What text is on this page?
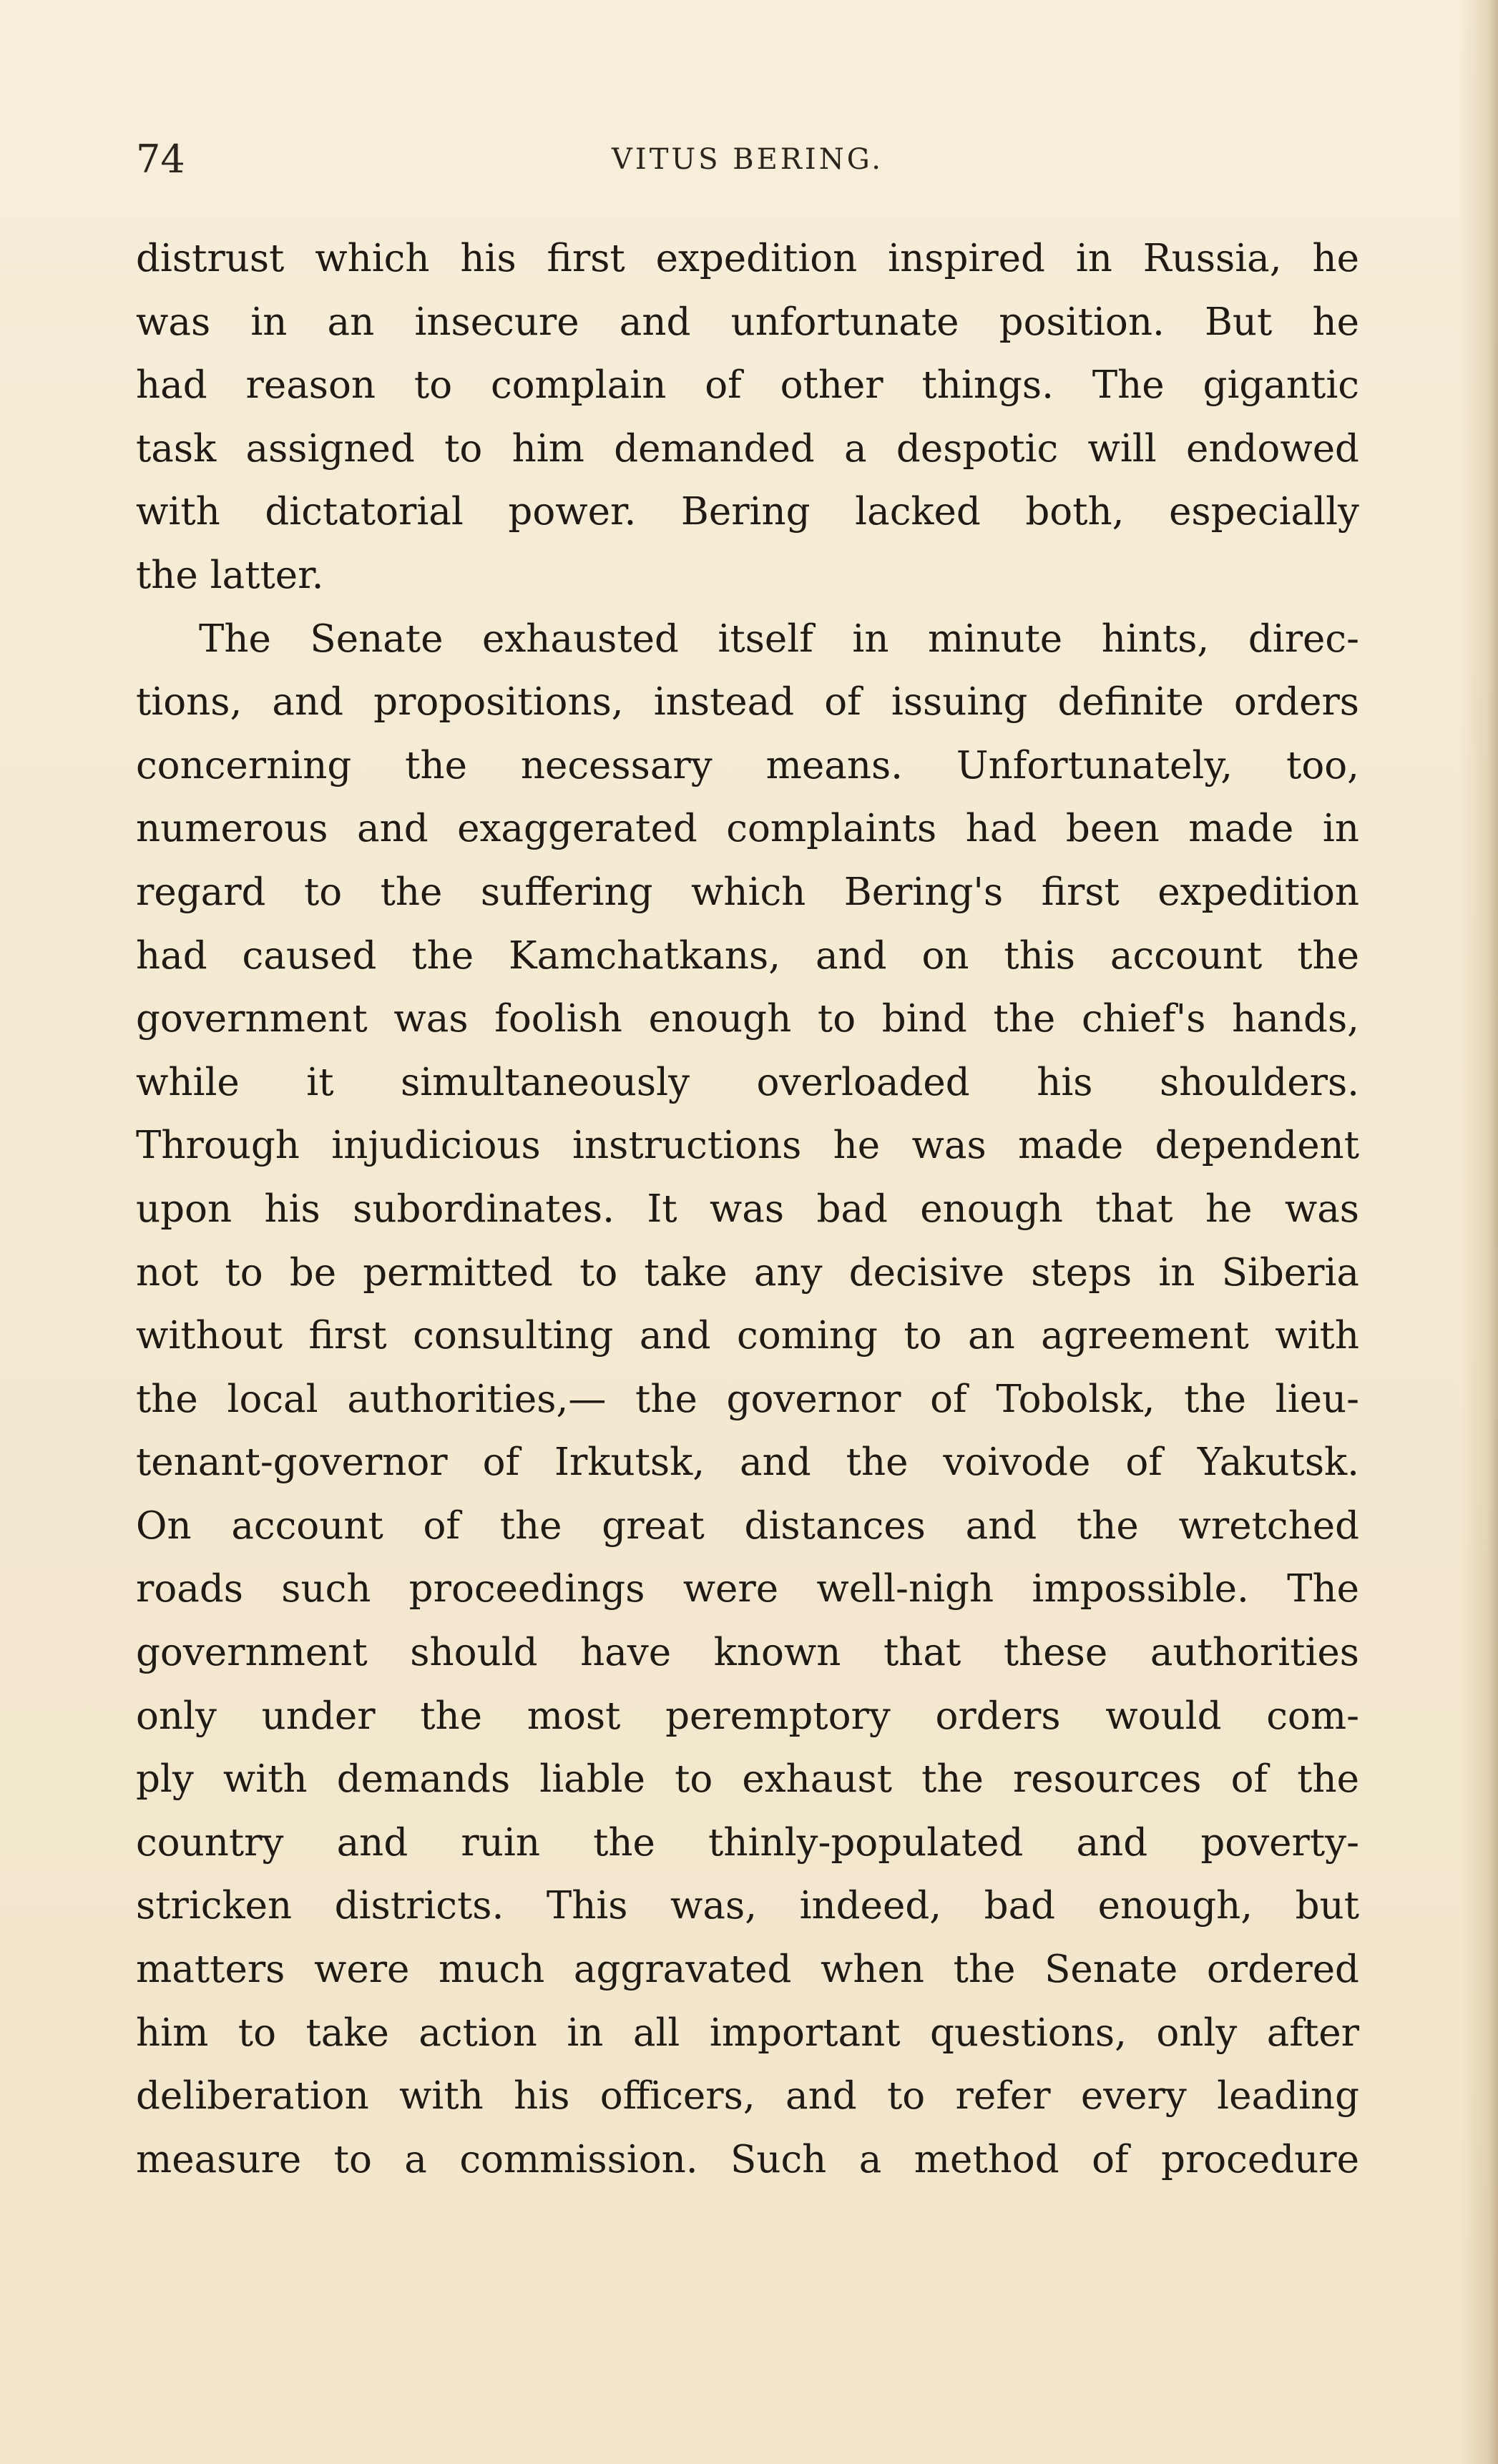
74	VITUS BERING.
distrust which his first expedition inspired in Russia, he
was in an insecure and unfortunate position. But he
had reason to complain of other things. The gigantic
task assigned to him demanded a despotic will endowed
with dictatorial power. Bering lacked both, especially
the latter.
The Senate exhausted itself in minute hints, direc-
tions, and propositions, instead of issuing definite orders
concerning the necessary means. Unfortunately, too,
numerous and exaggerated complaints had been made in
regard to the suffering which Bering's first expedition
had caused the Kamchatkans, and on this account the
government was foolish enough to bind the chief's hands,
while it simultaneously overloaded his shoulders.
Through injudicious instructions he was made dependent
upon his subordinates. It was bad enough that he was
not to be permitted to take any decisive steps in Siberia
without first consulting and coming to an agreement with
the local authorities,— the governor of Tobolsk, the lieu-
tenant-governor of Irkutsk, and the voivode of Yakutsk.
On account of the great distances and the wretched
roads such proceedings were well-nigh impossible. The
government should have known that these authorities
only under the most peremptory orders would com-
ply with demands liable to exhaust the resources of the
country and ruin the thinly-populated and poverty-
stricken districts. This was, indeed, bad enough, but
matters were much aggravated when the Senate ordered
him to take action in all important questions, only after
deliberation with his officers, and to refer every leading
measure to a commission. Such a method of procedure
